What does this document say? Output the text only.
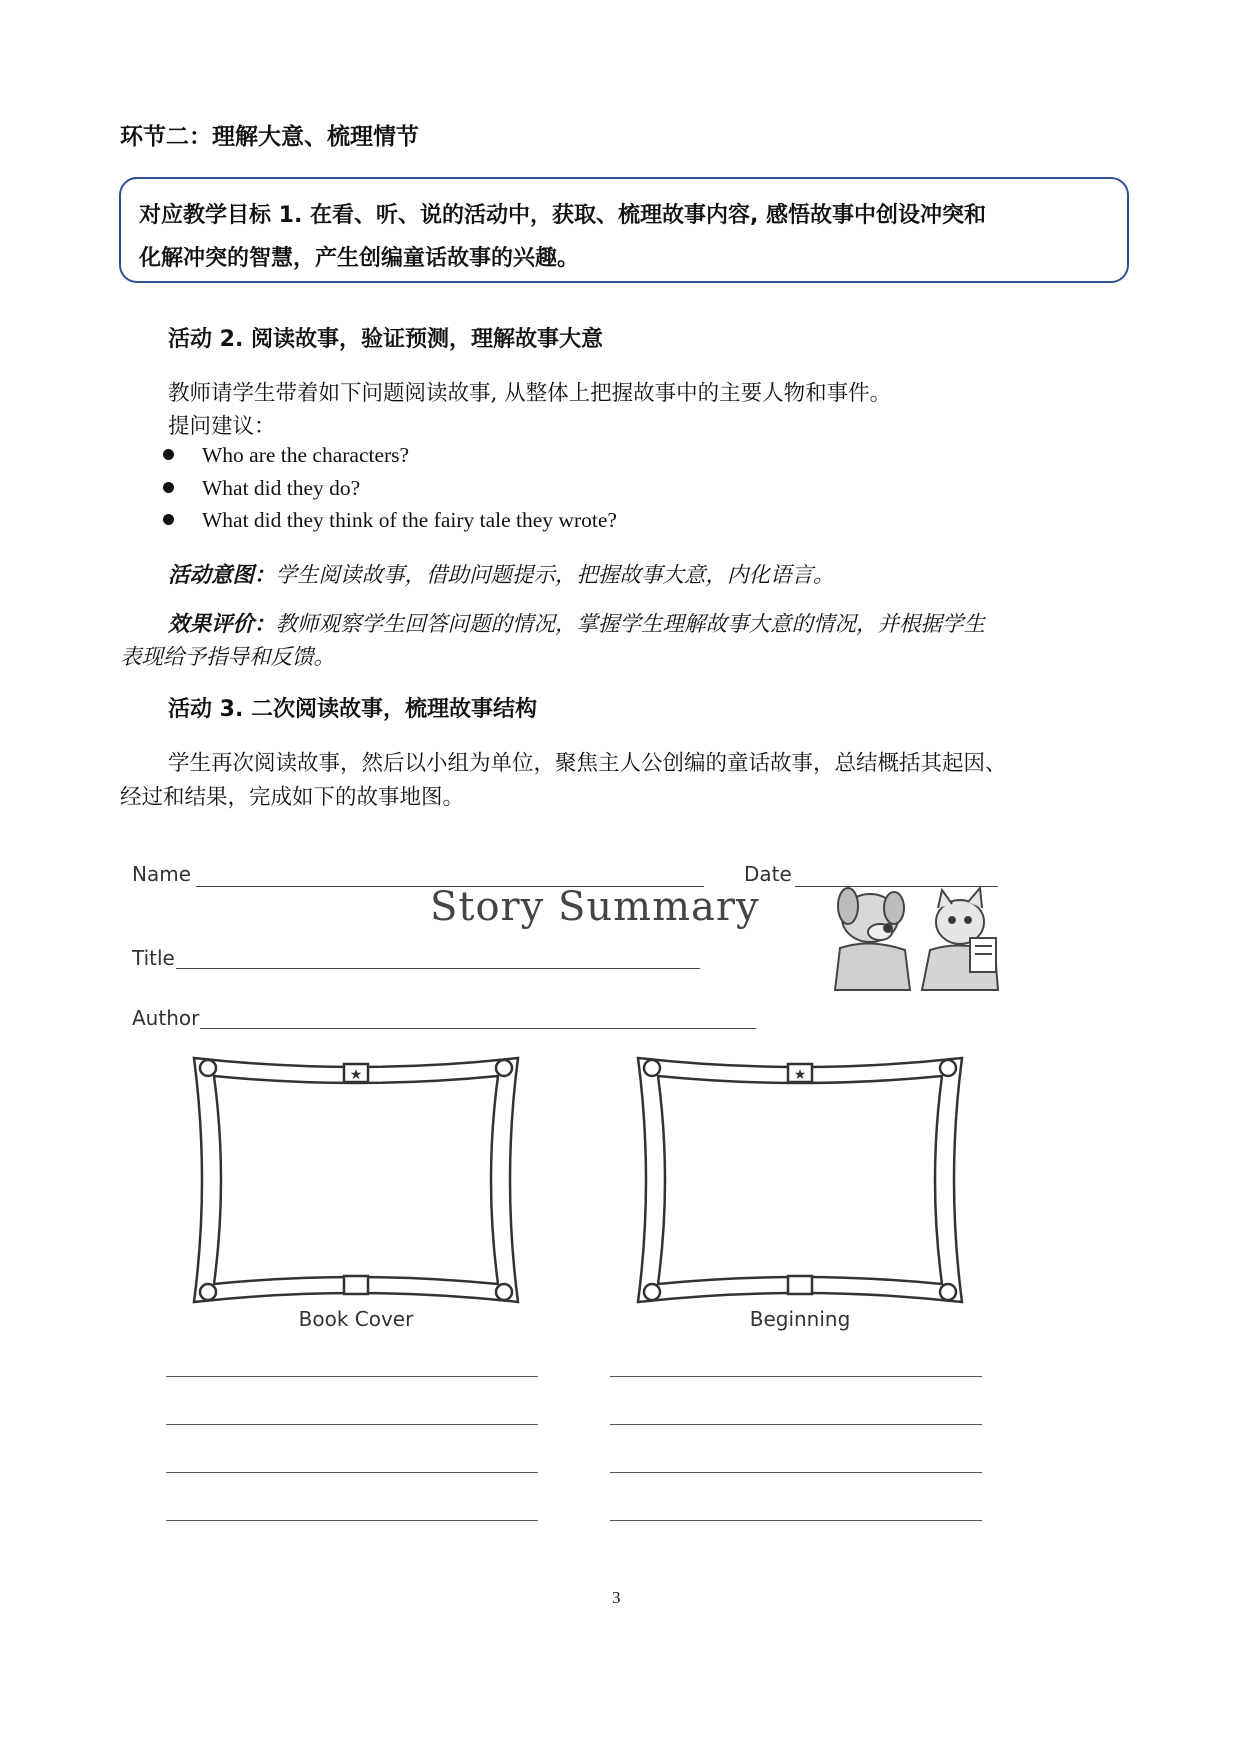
环节二：理解大意、梳理情节
对应教学目标 1. 在看、听、说的活动中，获取、梳理故事内容, 感悟故事中创设冲突和
化解冲突的智慧，产生创编童话故事的兴趣。
活动 2. 阅读故事，验证预测，理解故事大意
教师请学生带着如下问题阅读故事, 从整体上把握故事中的主要人物和事件。
提问建议：
Who are the characters?
What did they do?
What did they think of the fairy tale they wrote?
活动意图：学生阅读故事，借助问题提示，把握故事大意，内化语言。
效果评价：教师观察学生回答问题的情况，掌握学生理解故事大意的情况，并根据学生
表现给予指导和反馈。
活动 3. 二次阅读故事，梳理故事结构
学生再次阅读故事，然后以小组为单位，聚焦主人公创编的童话故事，总结概括其起因、
经过和结果，完成如下的故事地图。
Name	Date
Story Summary
Title
Author
★
Book Cover
★
Beginning
3
